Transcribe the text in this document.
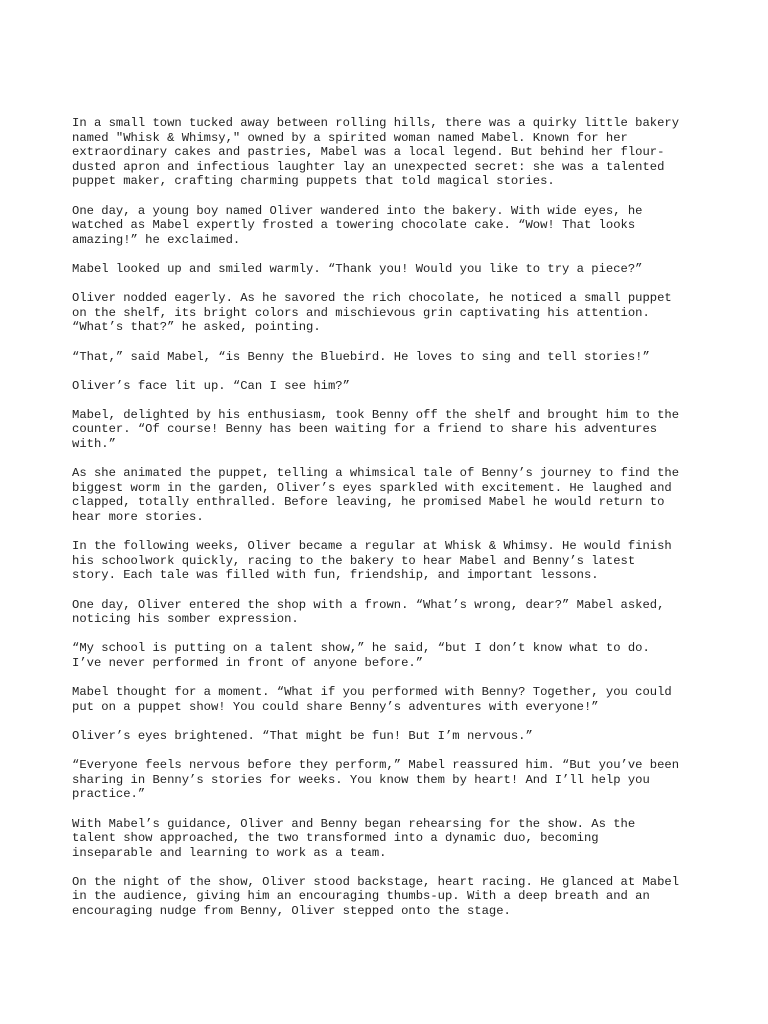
In a small town tucked away between rolling hills, there was a quirky little bakery
named "Whisk & Whimsy," owned by a spirited woman named Mabel. Known for her
extraordinary cakes and pastries, Mabel was a local legend. But behind her flour-
dusted apron and infectious laughter lay an unexpected secret: she was a talented
puppet maker, crafting charming puppets that told magical stories.

One day, a young boy named Oliver wandered into the bakery. With wide eyes, he
watched as Mabel expertly frosted a towering chocolate cake. “Wow! That looks
amazing!” he exclaimed.

Mabel looked up and smiled warmly. “Thank you! Would you like to try a piece?”

Oliver nodded eagerly. As he savored the rich chocolate, he noticed a small puppet
on the shelf, its bright colors and mischievous grin captivating his attention.
“What’s that?” he asked, pointing.

“That,” said Mabel, “is Benny the Bluebird. He loves to sing and tell stories!”

Oliver’s face lit up. “Can I see him?”

Mabel, delighted by his enthusiasm, took Benny off the shelf and brought him to the
counter. “Of course! Benny has been waiting for a friend to share his adventures
with.”

As she animated the puppet, telling a whimsical tale of Benny’s journey to find the
biggest worm in the garden, Oliver’s eyes sparkled with excitement. He laughed and
clapped, totally enthralled. Before leaving, he promised Mabel he would return to
hear more stories.

In the following weeks, Oliver became a regular at Whisk & Whimsy. He would finish
his schoolwork quickly, racing to the bakery to hear Mabel and Benny’s latest
story. Each tale was filled with fun, friendship, and important lessons.

One day, Oliver entered the shop with a frown. “What’s wrong, dear?” Mabel asked,
noticing his somber expression.

“My school is putting on a talent show,” he said, “but I don’t know what to do.
I’ve never performed in front of anyone before.”

Mabel thought for a moment. “What if you performed with Benny? Together, you could
put on a puppet show! You could share Benny’s adventures with everyone!”

Oliver’s eyes brightened. “That might be fun! But I’m nervous.”

“Everyone feels nervous before they perform,” Mabel reassured him. “But you’ve been
sharing in Benny’s stories for weeks. You know them by heart! And I’ll help you
practice.”

With Mabel’s guidance, Oliver and Benny began rehearsing for the show. As the
talent show approached, the two transformed into a dynamic duo, becoming
inseparable and learning to work as a team.

On the night of the show, Oliver stood backstage, heart racing. He glanced at Mabel
in the audience, giving him an encouraging thumbs-up. With a deep breath and an
encouraging nudge from Benny, Oliver stepped onto the stage.
